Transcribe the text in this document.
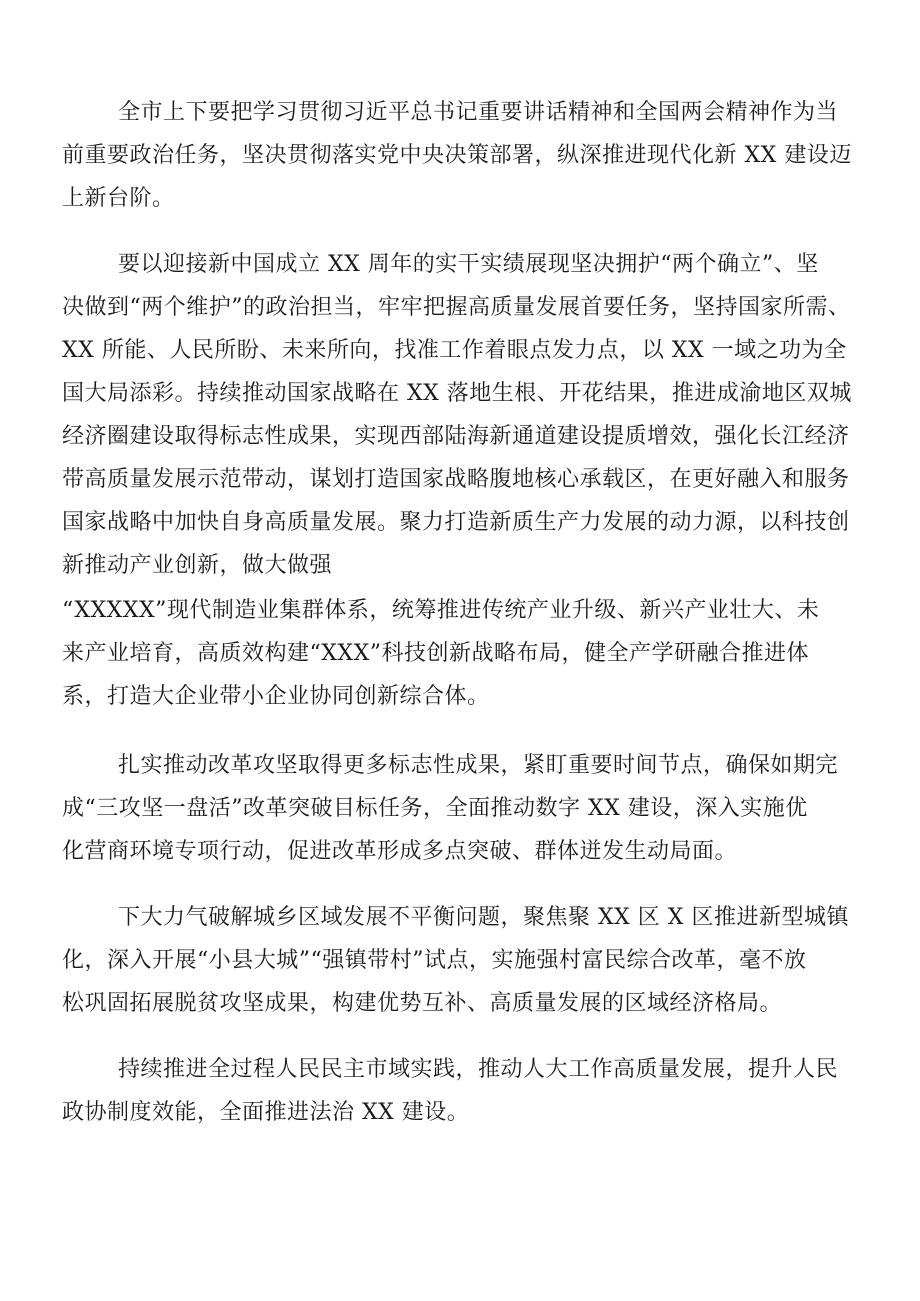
全市上下要把学习贯彻习近平总书记重要讲话精神和全国两会精神作为当
前重要政治任务，坚决贯彻落实党中央决策部署，纵深推进现代化新 XX 建设迈
上新台阶。
要以迎接新中国成立 XX 周年的实干实绩展现坚决拥护“两个确立”、坚
决做到“两个维护”的政治担当，牢牢把握高质量发展首要任务，坚持国家所需、
XX 所能、人民所盼、未来所向，找准工作着眼点发力点，以 XX 一域之功为全
国大局添彩。持续推动国家战略在 XX 落地生根、开花结果，推进成渝地区双城
经济圈建设取得标志性成果，实现西部陆海新通道建设提质增效，强化长江经济
带高质量发展示范带动，谋划打造国家战略腹地核心承载区，在更好融入和服务
国家战略中加快自身高质量发展。聚力打造新质生产力发展的动力源，以科技创
新推动产业创新，做大做强
“XXXXX”现代制造业集群体系，统筹推进传统产业升级、新兴产业壮大、未
来产业培育，高质效构建“XXX”科技创新战略布局，健全产学研融合推进体
系，打造大企业带小企业协同创新综合体。
扎实推动改革攻坚取得更多标志性成果，紧盯重要时间节点，确保如期完
成“三攻坚一盘活”改革突破目标任务，全面推动数字 XX 建设，深入实施优
化营商环境专项行动，促进改革形成多点突破、群体迸发生动局面。
下大力气破解城乡区域发展不平衡问题，聚焦聚 XX 区 X 区推进新型城镇
化，深入开展“小县大城”“强镇带村”试点，实施强村富民综合改革，毫不放
松巩固拓展脱贫攻坚成果，构建优势互补、高质量发展的区域经济格局。
持续推进全过程人民民主市域实践，推动人大工作高质量发展，提升人民
政协制度效能，全面推进法治 XX 建设。
